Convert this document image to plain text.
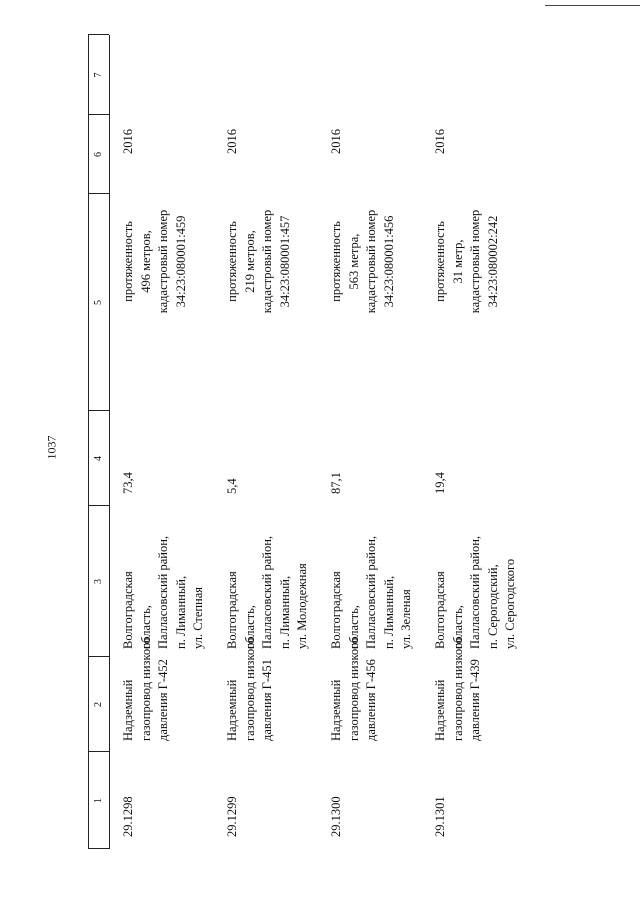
1037
1
2
3
4
5
6
7
29.1298
Надземный газопровод низкого давления Г-452
Волгоградская область, Палласовский район, п. Лиманный, ул. Степная
73,4
протяженность 496 метров, кадастровый номер 34:23:080001:459
2016
29.1299
Надземный газопровод низкого давления Г-451
Волгоградская область, Палласовский район, п. Лиманный, ул. Молодежная
5,4
протяженность 219 метров, кадастровый номер 34:23:080001:457
2016
29.1300
Надземный газопровод низкого давления Г-456
Волгоградская область, Палласовский район, п. Лиманный, ул. Зеленая
87,1
протяженность 563 метра, кадастровый номер 34:23:080001:456
2016
29.1301
Надземный газопровод низкого давления Г-439
Волгоградская область, Палласовский район, п. Серогодский, ул. Серогодского
19,4
протяженность 31 метр, кадастровый номер 34:23:080002:242
2016
